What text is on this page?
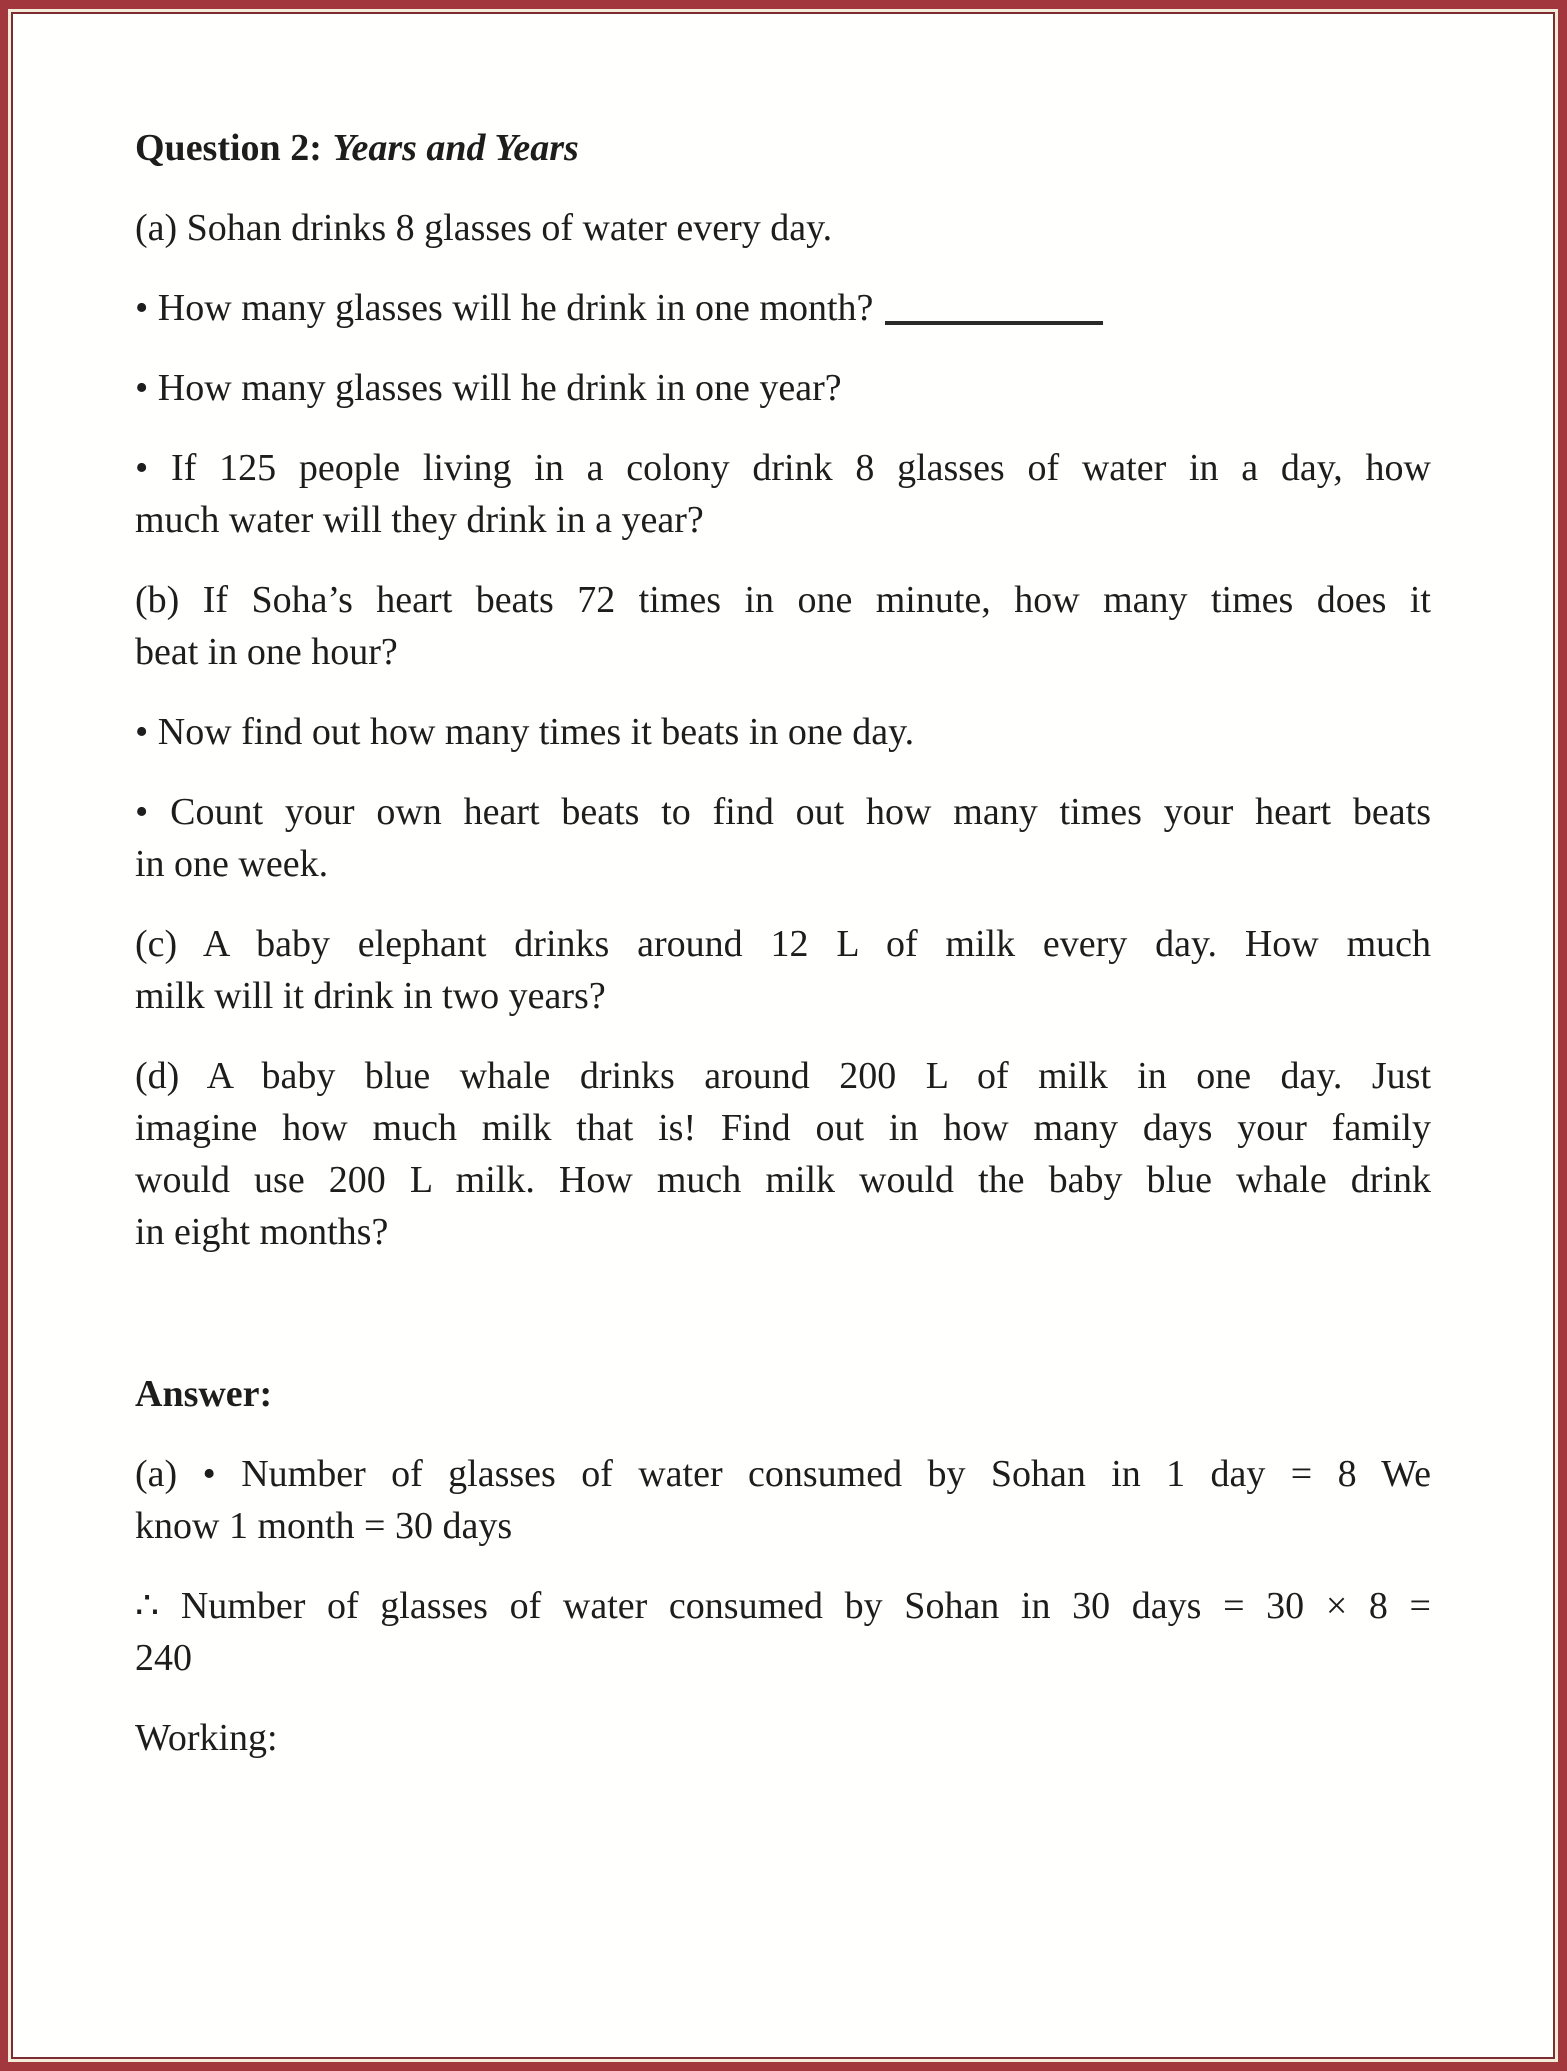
Question 2: Years and Years
(a) Sohan drinks 8 glasses of water every day.
• How many glasses will he drink in one month?
• How many glasses will he drink in one year?
• If 125 people living in a colony drink 8 glasses of water in a day, how
much water will they drink in a year?
(b) If Soha’s heart beats 72 times in one minute, how many times does it
beat in one hour?
• Now find out how many times it beats in one day.
• Count your own heart beats to find out how many times your heart beats
in one week.
(c) A baby elephant drinks around 12 L of milk every day. How much
milk will it drink in two years?
(d) A baby blue whale drinks around 200 L of milk in one day. Just
imagine how much milk that is! Find out in how many days your family
would use 200 L milk. How much milk would the baby blue whale drink
in eight months?
Answer:
(a) • Number of glasses of water consumed by Sohan in 1 day = 8 We
know 1 month = 30 days
∴ Number of glasses of water consumed by Sohan in 30 days = 30 × 8 =
240
Working:
